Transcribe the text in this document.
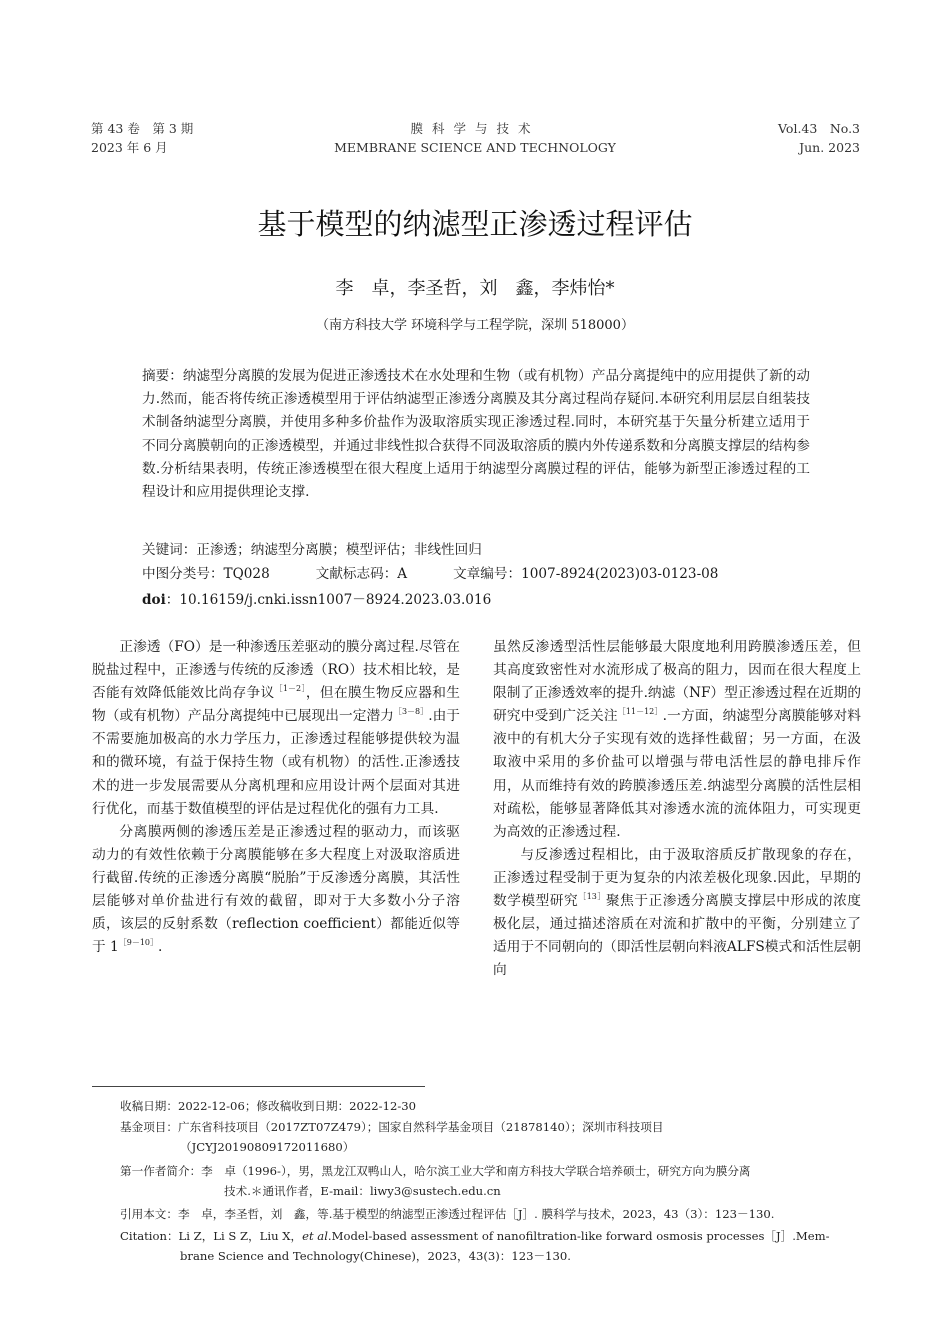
第 43 卷　第 3 期
2023 年 6 月
膜科学与技术
MEMBRANE SCIENCE AND TECHNOLOGY
Vol.43　No.3
Jun. 2023
基于模型的纳滤型正渗透过程评估
李　卓，李圣哲，刘　鑫，李炜怡*
（南方科技大学 环境科学与工程学院，深圳 518000）
摘要：纳滤型分离膜的发展为促进正渗透技术在水处理和生物（或有机物）产品分离提纯中的应用提供了新的动力.然而，能否将传统正渗透模型用于评估纳滤型正渗透分离膜及其分离过程尚存疑问.本研究利用层层自组装技术制备纳滤型分离膜，并使用多种多价盐作为汲取溶质实现正渗透过程.同时，本研究基于矢量分析建立适用于不同分离膜朝向的正渗透模型，并通过非线性拟合获得不同汲取溶质的膜内外传递系数和分离膜支撑层的结构参数.分析结果表明，传统正渗透模型在很大程度上适用于纳滤型分离膜过程的评估，能够为新型正渗透过程的工程设计和应用提供理论支撑.
关键词：正渗透；纳滤型分离膜；模型评估；非线性回归
中图分类号：TQ028	文献标志码：A	文章编号：1007-8924(2023)03-0123-08
doi：10.16159/j.cnki.issn1007－8924.2023.03.016

正渗透（FO）是一种渗透压差驱动的膜分离过程.尽管在脱盐过程中，正渗透与传统的反渗透（RO）技术相比较，是否能有效降低能效比尚存争议$^{[1-2]}$，但在膜生物反应器和生物（或有机物）产品分离提纯中已展现出一定潜力$^{[3-8]}$.由于不需要施加极高的水力学压力，正渗透过程能够提供较为温和的微环境，有益于保持生物（或有机物）的活性.正渗透技术的进一步发展需要从分离机理和应用设计两个层面对其进行优化，而基于数值模型的评估是过程优化的强有力工具.

分离膜两侧的渗透压差是正渗透过程的驱动力，而该驱动力的有效性依赖于分离膜能够在多大程度上对汲取溶质进行截留.传统的正渗透分离膜“脱胎”于反渗透分离膜，其活性层能够对单价盐进行有效的截留，即对于大多数小分子溶质，该层的反射系数（reflection coefficient）都能近似等于 $1^{[9-10]}$.

虽然反渗透型活性层能够最大限度地利用跨膜渗透压差，但其高度致密性对水流形成了极高的阻力，因而在很大程度上限制了正渗透效率的提升.纳滤（NF）型正渗透过程在近期的研究中受到广泛关注$^{[11-12]}$.一方面，纳滤型分离膜能够对料液中的有机大分子实现有效的选择性截留；另一方面，在汲取液中采用的多价盐可以增强与带电活性层的静电排斥作用，从而维持有效的跨膜渗透压差.纳滤型分离膜的活性层相对疏松，能够显著降低其对渗透水流的流体阻力，可实现更为高效的正渗透过程.

与反渗透过程相比，由于汲取溶质反扩散现象的存在，正渗透过程受制于更为复杂的内浓差极化现象.因此，早期的数学模型研究$^{[13]}$聚焦于正渗透分离膜支撑层中形成的浓度极化层，通过描述溶质在对流和扩散中的平衡，分别建立了适用于不同朝向的（即活性层朝向料液ALFS模式和活性层朝向

收稿日期：2022-12-06；修改稿收到日期：2022-12-30
基金项目：广东省科技项目（2017ZT07Z479）；国家自然科学基金项目（21878140）；深圳市科技项目
（JCYJ20190809172011680）
第一作者简介：李　卓（1996-），男，黑龙江双鸭山人，哈尔滨工业大学和南方科技大学联合培养硕士，研究方向为膜分离
技术.＊通讯作者，E-mail：liwy3@sustech.edu.cn
引用本文：李　卓，李圣哲，刘　鑫，等.基于模型的纳滤型正渗透过程评估［J］. 膜科学与技术，2023，43（3）：123－130.
Citation：Li Z，Li S Z，Liu X，et al.Model-based assessment of nanofiltration-like forward osmosis processes［J］.Mem-
brane Science and Technology(Chinese)，2023，43(3)：123－130.
